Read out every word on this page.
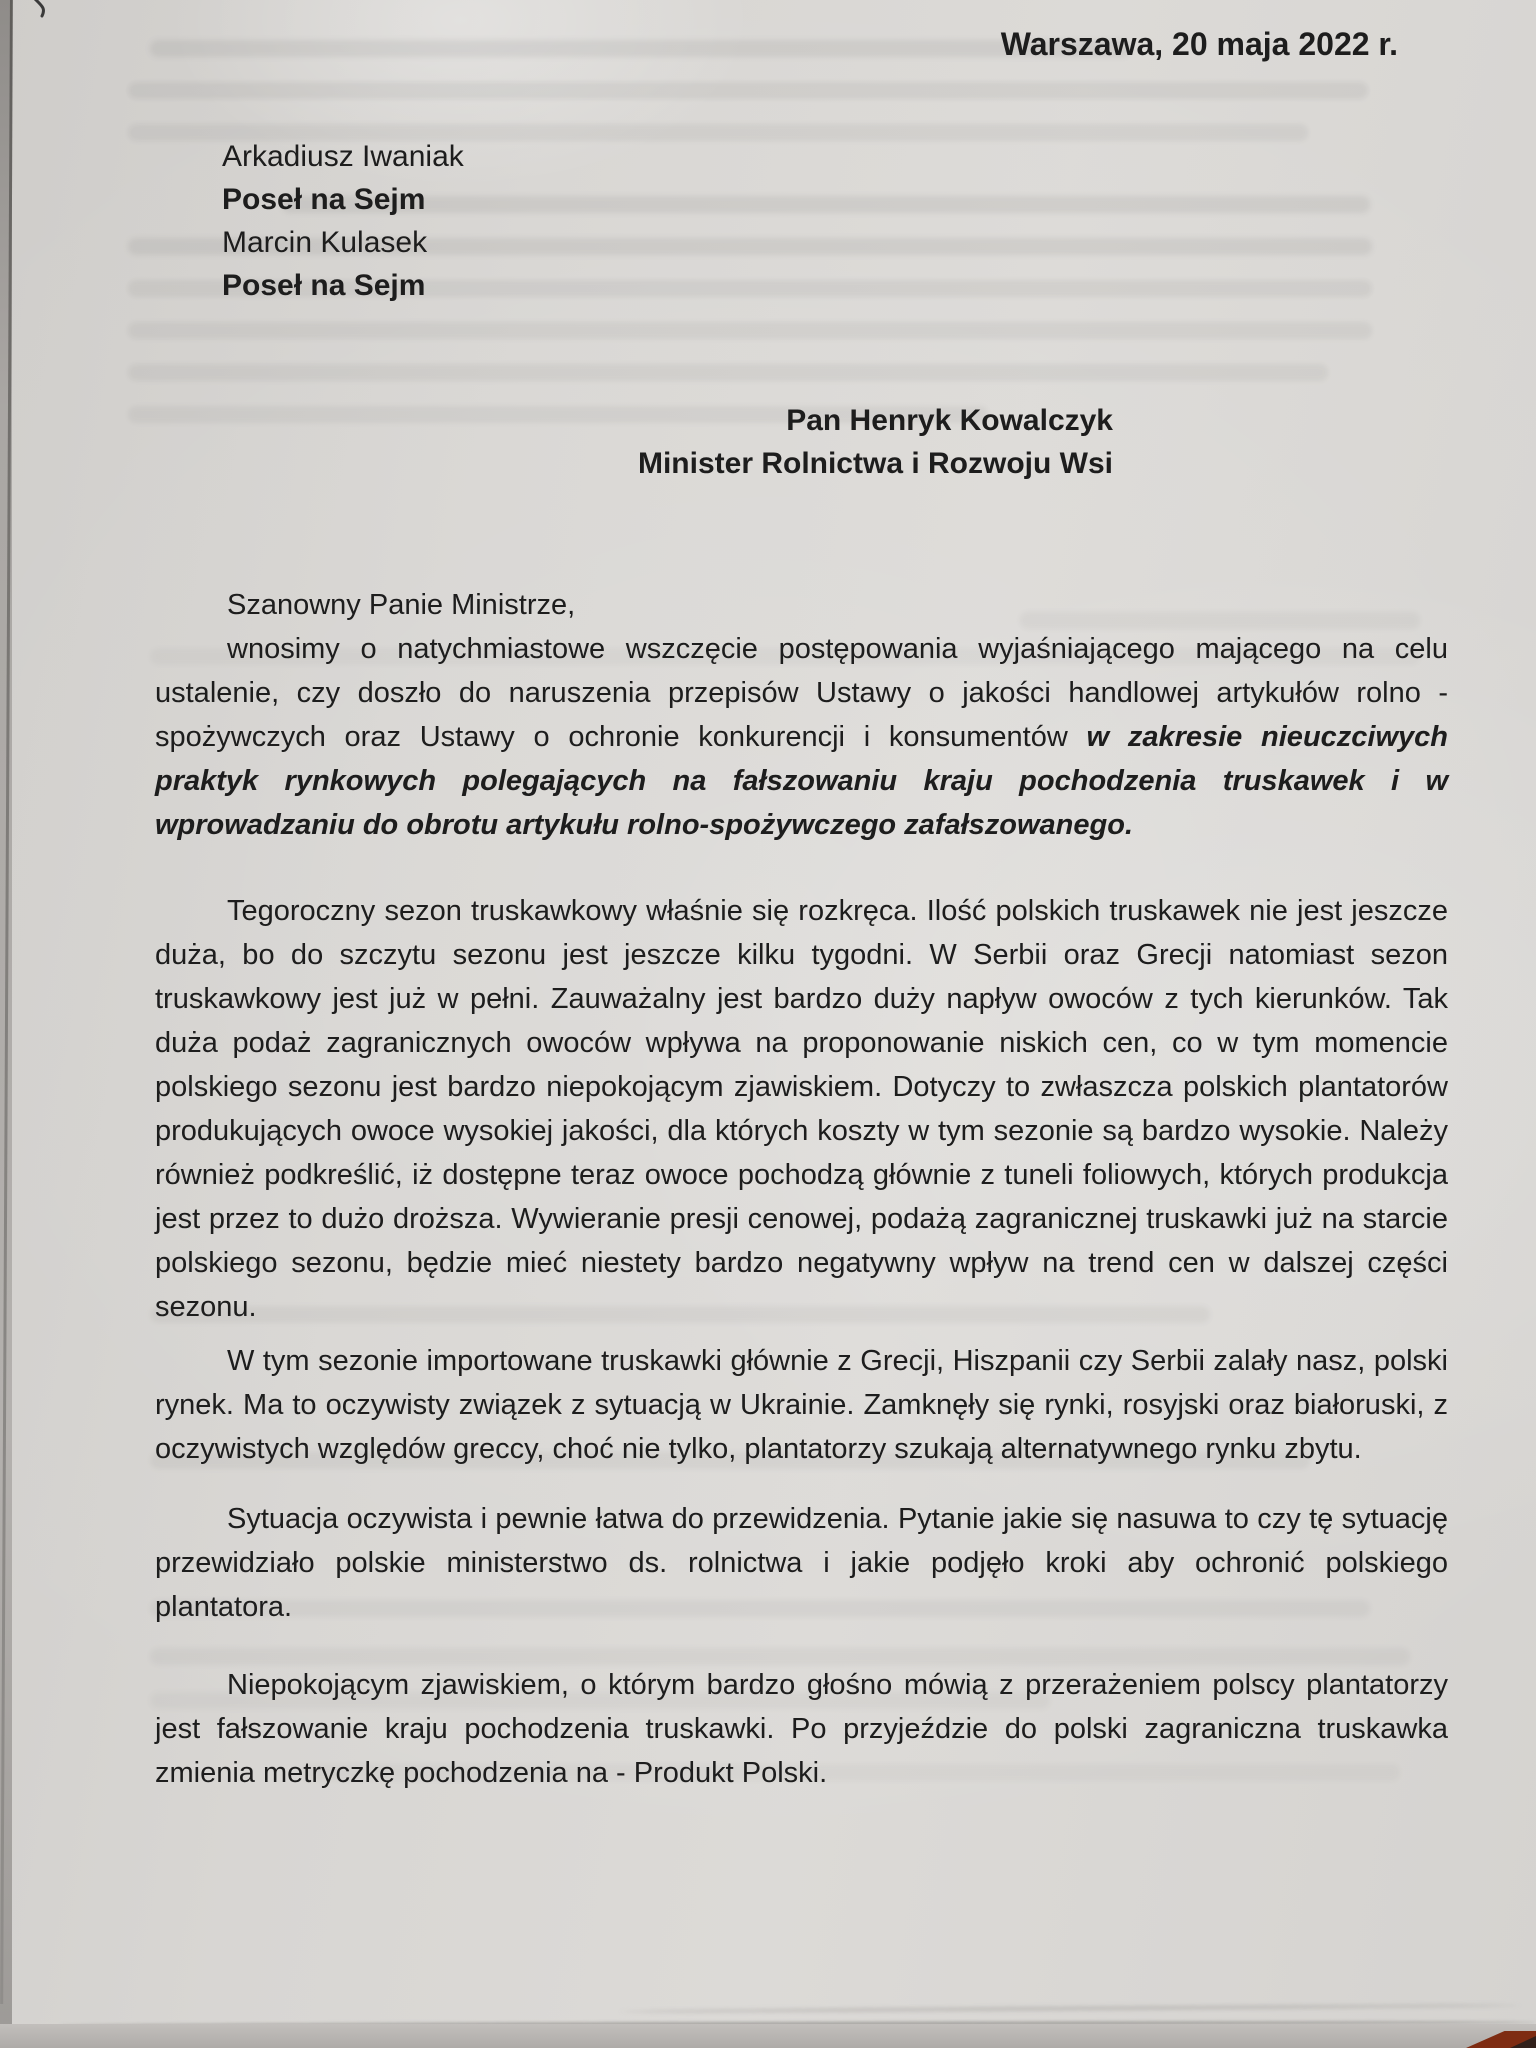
Warszawa, 20 maja 2022 r.
Arkadiusz Iwaniak
Poseł na Sejm
Marcin Kulasek
Poseł na Sejm
Pan Henryk Kowalczyk
Minister Rolnictwa i Rozwoju Wsi

Szanowny Panie Ministrze,

wnosimy o natychmiastowe wszczęcie postępowania wyjaśniającego mającego na celu ustalenie, czy doszło do naruszenia przepisów Ustawy o jakości handlowej artykułów rolno - spożywczych oraz Ustawy o ochronie konkurencji i konsumentów w zakresie nieuczciwych praktyk rynkowych polegających na fałszowaniu kraju pochodzenia truskawek i w wprowadzaniu do obrotu artykułu rolno-spożywczego zafałszowanego.

Tegoroczny sezon truskawkowy właśnie się rozkręca. Ilość polskich truskawek nie jest jeszcze duża, bo do szczytu sezonu jest jeszcze kilku tygodni. W Serbii oraz Grecji natomiast sezon truskawkowy jest już w pełni. Zauważalny jest bardzo duży napływ owoców z tych kierunków. Tak duża podaż zagranicznych owoców wpływa na proponowanie niskich cen, co w tym momencie polskiego sezonu jest bardzo niepokojącym zjawiskiem. Dotyczy to zwłaszcza polskich plantatorów produkujących owoce wysokiej jakości, dla których koszty w tym sezonie są bardzo wysokie. Należy również podkreślić, iż dostępne teraz owoce pochodzą głównie z tuneli foliowych, których produkcja jest przez to dużo droższa. Wywieranie presji cenowej, podażą zagranicznej truskawki już na starcie polskiego sezonu, będzie mieć niestety bardzo negatywny wpływ na trend cen w dalszej części sezonu.

W tym sezonie importowane truskawki głównie z Grecji, Hiszpanii czy Serbii zalały nasz, polski rynek. Ma to oczywisty związek z sytuacją w Ukrainie. Zamknęły się rynki, rosyjski oraz białoruski, z oczywistych względów greccy, choć nie tylko, plantatorzy szukają alternatywnego rynku zbytu.

Sytuacja oczywista i pewnie łatwa do przewidzenia. Pytanie jakie się nasuwa to czy tę sytuację przewidziało polskie ministerstwo ds. rolnictwa i jakie podjęło kroki aby ochronić polskiego plantatora.

Niepokojącym zjawiskiem, o którym bardzo głośno mówią z przerażeniem polscy plantatorzy jest fałszowanie kraju pochodzenia truskawki. Po przyjeździe do polski zagraniczna truskawka zmienia metryczkę pochodzenia na - Produkt Polski.
